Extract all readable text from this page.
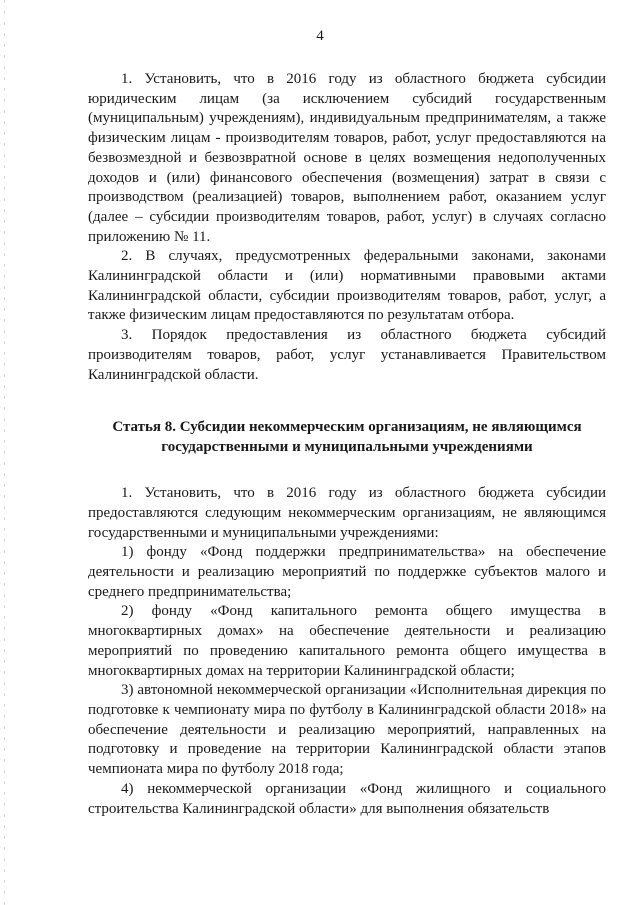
4

1. Установить, что в 2016 году из областного бюджета субсидии юридическим лицам (за исключением субсидий государственным (муниципальным) учреждениям), индивидуальным предпринимателям, а также физическим лицам - производителям товаров, работ, услуг предоставляются на безвозмездной и безвозвратной основе в целях возмещения недополученных доходов и (или) финансового обеспечения (возмещения) затрат в связи с производством (реализацией) товаров, выполнением работ, оказанием услуг (далее – субсидии производителям товаров, работ, услуг) в случаях согласно приложению № 11.

2. В случаях, предусмотренных федеральными законами, законами Калининградской области и (или) нормативными правовыми актами Калининградской области, субсидии производителям товаров, работ, услуг, а также физическим лицам предоставляются по результатам отбора.

3. Порядок предоставления из областного бюджета субсидий производителям товаров, работ, услуг устанавливается Правительством Калининградской области.

Статья 8. Субсидии некоммерческим организациям, не являющимся государственными и муниципальными учреждениями

1. Установить, что в 2016 году из областного бюджета субсидии предоставляются следующим некоммерческим организациям, не являющимся государственными и муниципальными учреждениями:

1) фонду «Фонд поддержки предпринимательства» на обеспечение деятельности и реализацию мероприятий по поддержке субъектов малого и среднего предпринимательства;

2) фонду «Фонд капитального ремонта общего имущества в многоквартирных домах» на обеспечение деятельности и реализацию мероприятий по проведению капитального ремонта общего имущества в многоквартирных домах на территории Калининградской области;

3) автономной некоммерческой организации «Исполнительная дирекция по подготовке к чемпионату мира по футболу в Калининградской области 2018» на обеспечение деятельности и реализацию мероприятий, направленных на подготовку и проведение на территории Калининградской области этапов чемпионата мира по футболу 2018 года;

4) некоммерческой организации «Фонд жилищного и социального строительства Калининградской области» для выполнения обязательств
